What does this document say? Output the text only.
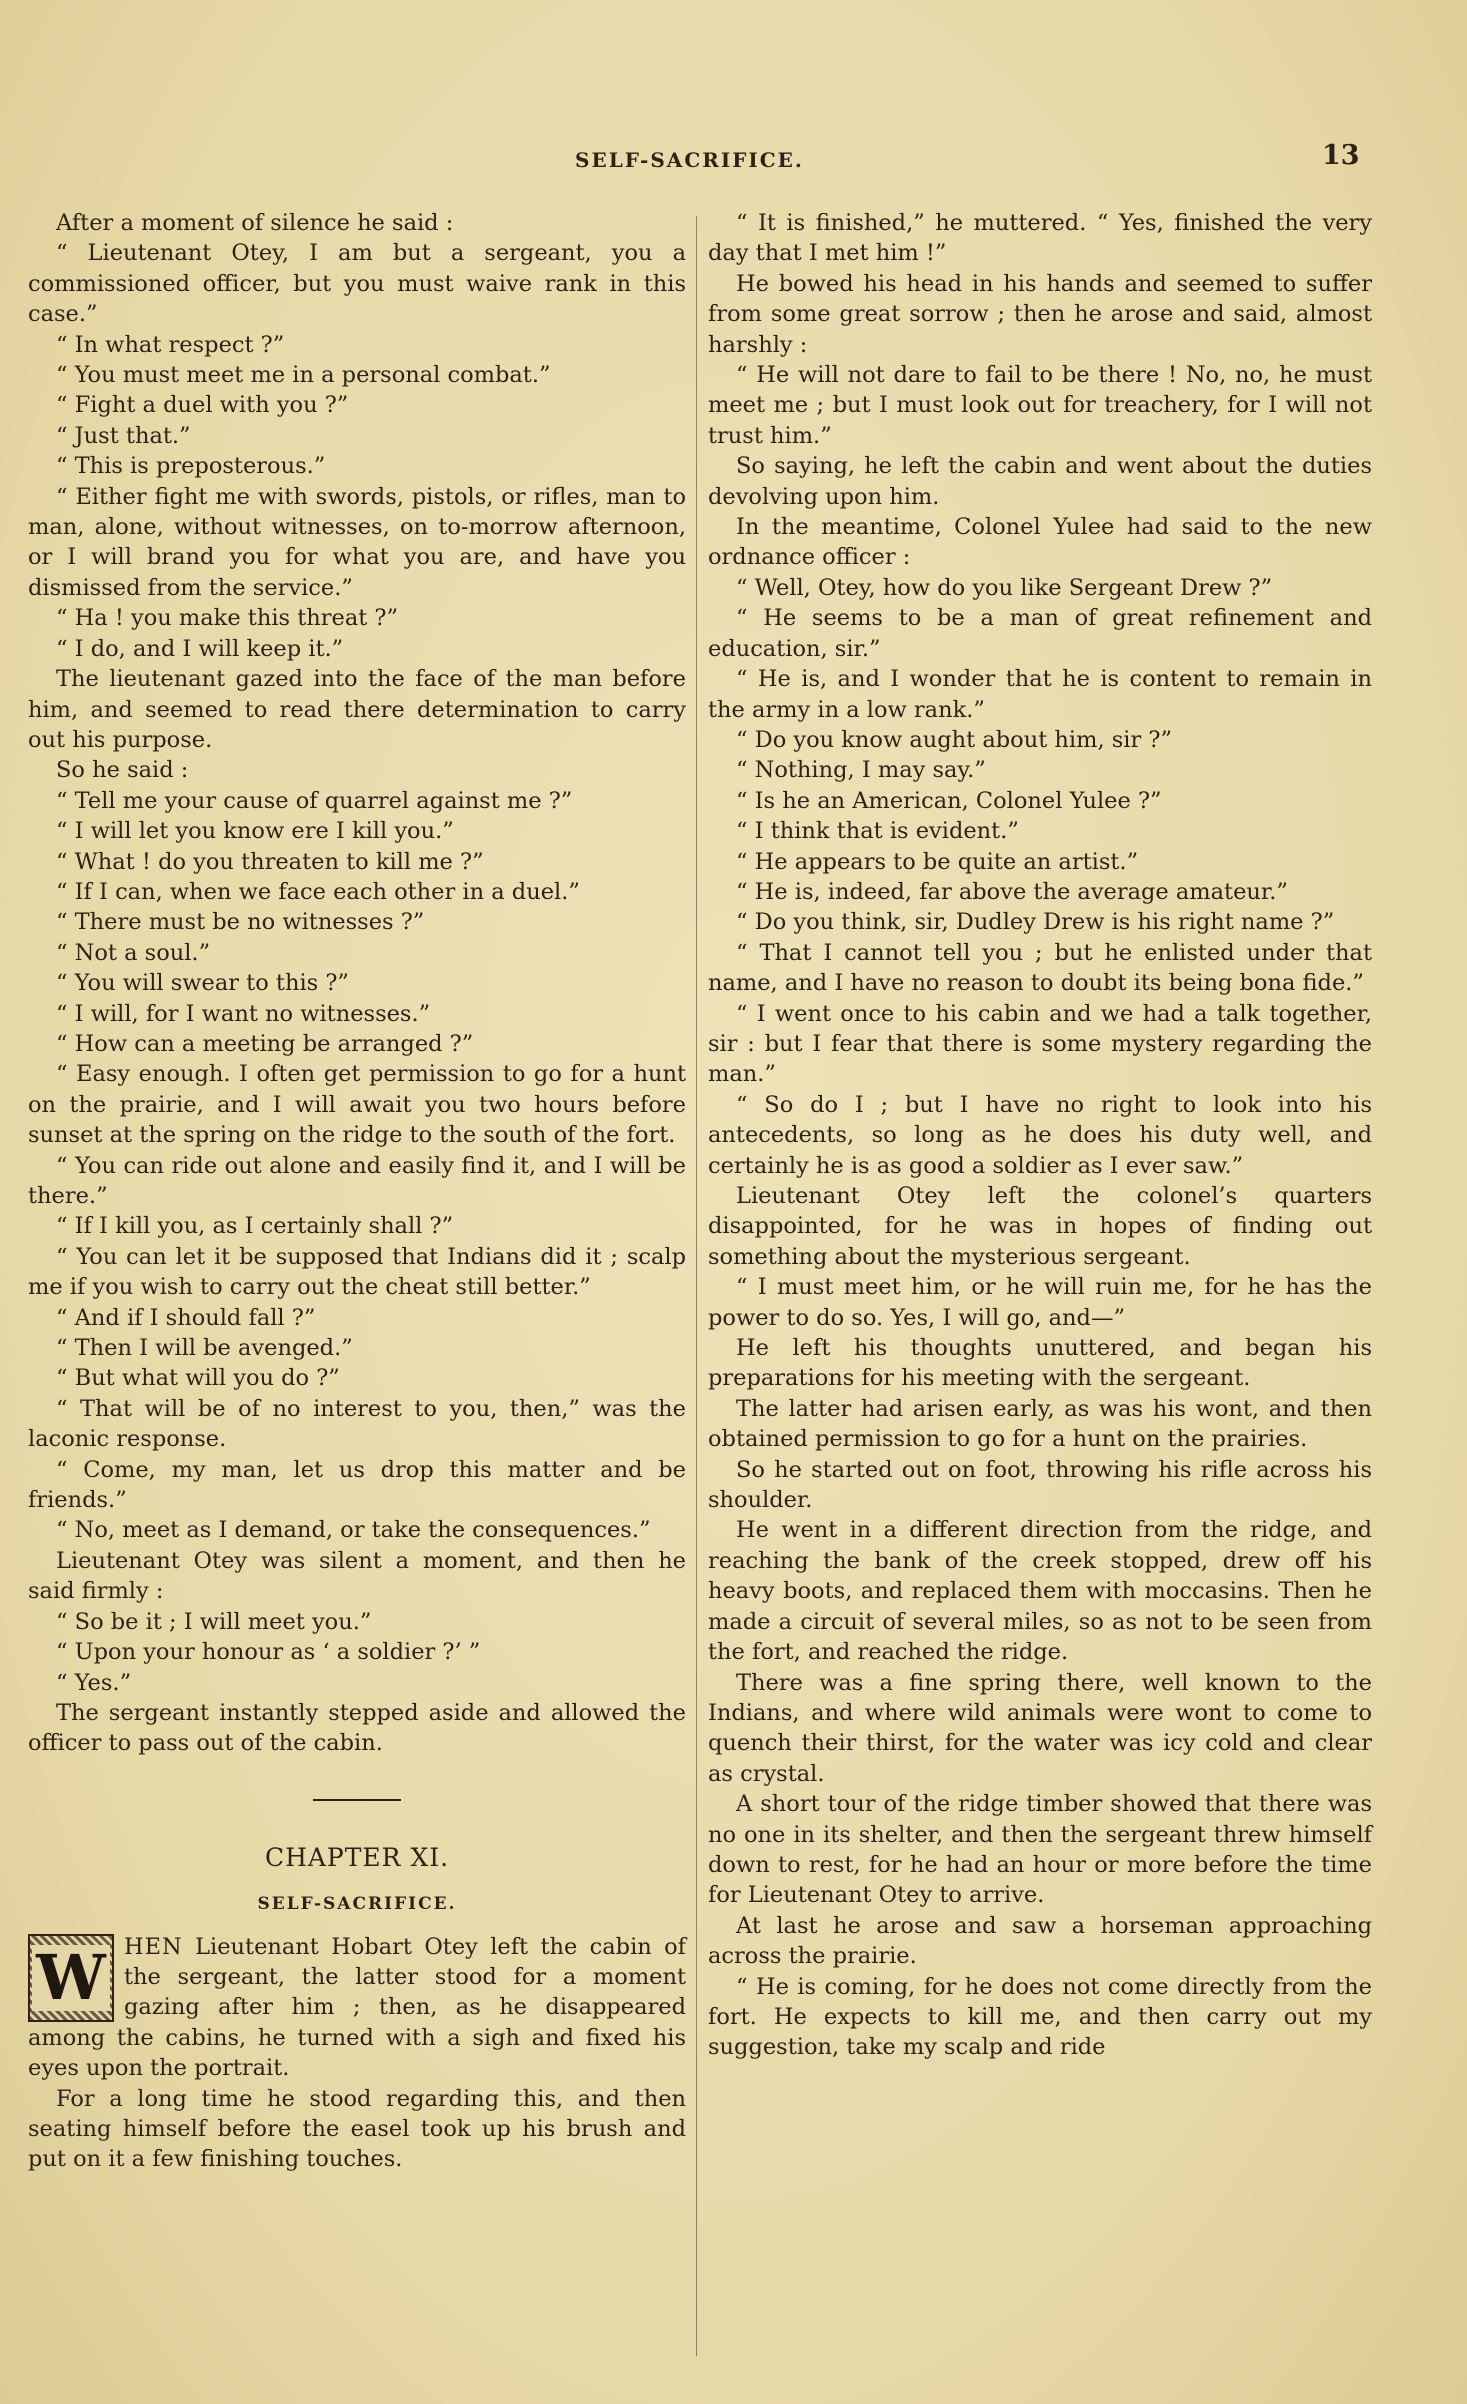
SELF-SACRIFICE.	13

After a moment of silence he said :

“ Lieutenant Otey, I am but a sergeant, you a commissioned officer, but you must waive rank in this case.”

“ In what respect ?”

“ You must meet me in a personal combat.”

“ Fight a duel with you ?”

“ Just that.”

“ This is preposterous.”

“ Either fight me with swords, pistols, or rifles, man to man, alone, without witnesses, on to-morrow afternoon, or I will brand you for what you are, and have you dismissed from the service.”

“ Ha ! you make this threat ?”

“ I do, and I will keep it.”

The lieutenant gazed into the face of the man before him, and seemed to read there determination to carry out his purpose.

So he said :

“ Tell me your cause of quarrel against me ?”

“ I will let you know ere I kill you.”

“ What ! do you threaten to kill me ?”

“ If I can, when we face each other in a duel.”

“ There must be no witnesses ?”

“ Not a soul.”

“ You will swear to this ?”

“ I will, for I want no witnesses.”

“ How can a meeting be arranged ?”

“ Easy enough. I often get permission to go for a hunt on the prairie, and I will await you two hours before sunset at the spring on the ridge to the south of the fort.

“ You can ride out alone and easily find it, and I will be there.”

“ If I kill you, as I certainly shall ?”

“ You can let it be supposed that Indians did it ; scalp me if you wish to carry out the cheat still better.”

“ And if I should fall ?”

“ Then I will be avenged.”

“ But what will you do ?”

“ That will be of no interest to you, then,” was the laconic response.

“ Come, my man, let us drop this matter and be friends.”

“ No, meet as I demand, or take the consequences.”

Lieutenant Otey was silent a moment, and then he said firmly :

“ So be it ; I will meet you.”

“ Upon your honour as ‘ a soldier ?’ ”

“ Yes.”

The sergeant instantly stepped aside and allowed the officer to pass out of the cabin.

CHAPTER XI.
SELF-SACRIFICE.

W HEN Lieutenant Hobart Otey left the cabin of the sergeant, the latter stood for a moment gazing after him ; then, as he disappeared among the cabins, he turned with a sigh and fixed his eyes upon the portrait.

For a long time he stood regarding this, and then seating himself before the easel took up his brush and put on it a few finishing touches.

“ It is finished,” he muttered. “ Yes, finished the very day that I met him !”

He bowed his head in his hands and seemed to suffer from some great sorrow ; then he arose and said, almost harshly :

“ He will not dare to fail to be there ! No, no, he must meet me ; but I must look out for treachery, for I will not trust him.”

So saying, he left the cabin and went about the duties devolving upon him.

In the meantime, Colonel Yulee had said to the new ordnance officer :

“ Well, Otey, how do you like Sergeant Drew ?”

“ He seems to be a man of great refinement and education, sir.”

“ He is, and I wonder that he is content to remain in the army in a low rank.”

“ Do you know aught about him, sir ?”

“ Nothing, I may say.”

“ Is he an American, Colonel Yulee ?”

“ I think that is evident.”

“ He appears to be quite an artist.”

“ He is, indeed, far above the average amateur.”

“ Do you think, sir, Dudley Drew is his right name ?”

“ That I cannot tell you ; but he enlisted under that name, and I have no reason to doubt its being bona fide.”

“ I went once to his cabin and we had a talk together, sir : but I fear that there is some mystery regarding the man.”

“ So do I ; but I have no right to look into his antecedents, so long as he does his duty well, and certainly he is as good a soldier as I ever saw.”

Lieutenant Otey left the colonel’s quarters disappointed, for he was in hopes of finding out something about the mysterious sergeant.

“ I must meet him, or he will ruin me, for he has the power to do so. Yes, I will go, and—”

He left his thoughts unuttered, and began his preparations for his meeting with the sergeant.

The latter had arisen early, as was his wont, and then obtained permission to go for a hunt on the prairies.

So he started out on foot, throwing his rifle across his shoulder.

He went in a different direction from the ridge, and reaching the bank of the creek stopped, drew off his heavy boots, and replaced them with moccasins. Then he made a circuit of several miles, so as not to be seen from the fort, and reached the ridge.

There was a fine spring there, well known to the Indians, and where wild animals were wont to come to quench their thirst, for the water was icy cold and clear as crystal.

A short tour of the ridge timber showed that there was no one in its shelter, and then the sergeant threw himself down to rest, for he had an hour or more before the time for Lieutenant Otey to arrive.

At last he arose and saw a horseman approaching across the prairie.

“ He is coming, for he does not come directly from the fort. He expects to kill me, and then carry out my suggestion, take my scalp and ride
